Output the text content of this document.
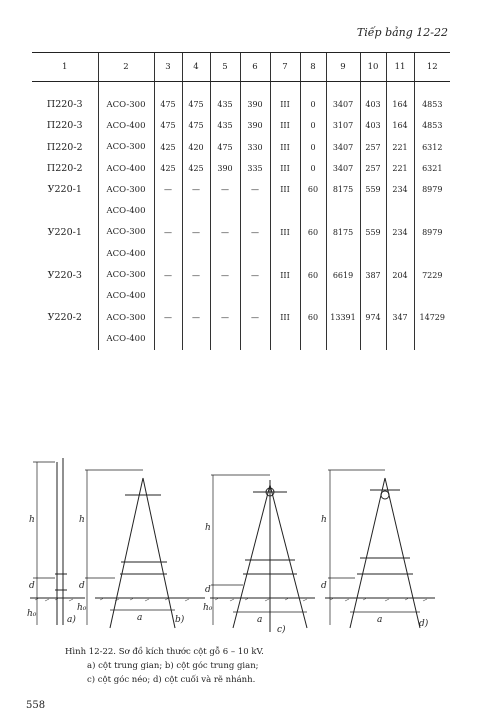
Tiếp bảng 12-22
1	2	3	4	5	6	7	8	9	10	11	12

П220-3	ACO-300	475	475	435	390	III	0	3407	403	164	4853
П220-3	ACO-400	475	475	435	390	III	0	3107	403	164	4853
П220-2	ACO-300	425	420	475	330	III	0	3407	257	221	6312
П220-2	ACO-400	425	425	390	335	III	0	3407	257	221	6321
У220-1	ACO-300	—	—	—	—	III	60	8175	559	234	8979
	ACO-400										
У220-1	ACO-300	—	—	—	—	III	60	8175	559	234	8979
	ACO-400										
У220-3	ACO-300	—	—	—	—	III	60	6619	387	204	7229
	ACO-400										
У220-2	ACO-300	—	—	—	—	III	60	13391	974	347	14729
	ACO-400										
h
d
h₀
a)
h
d
h₀
a	b)
h
d
h₀
a
c)
h
d
a	d)
Hình 12-22. Sơ đồ kích thước cột gỗ 6 – 10 kV.
a) cột trung gian; b) cột góc trung gian;
c) cột góc néo; d) cột cuối và rẽ nhánh.
558
